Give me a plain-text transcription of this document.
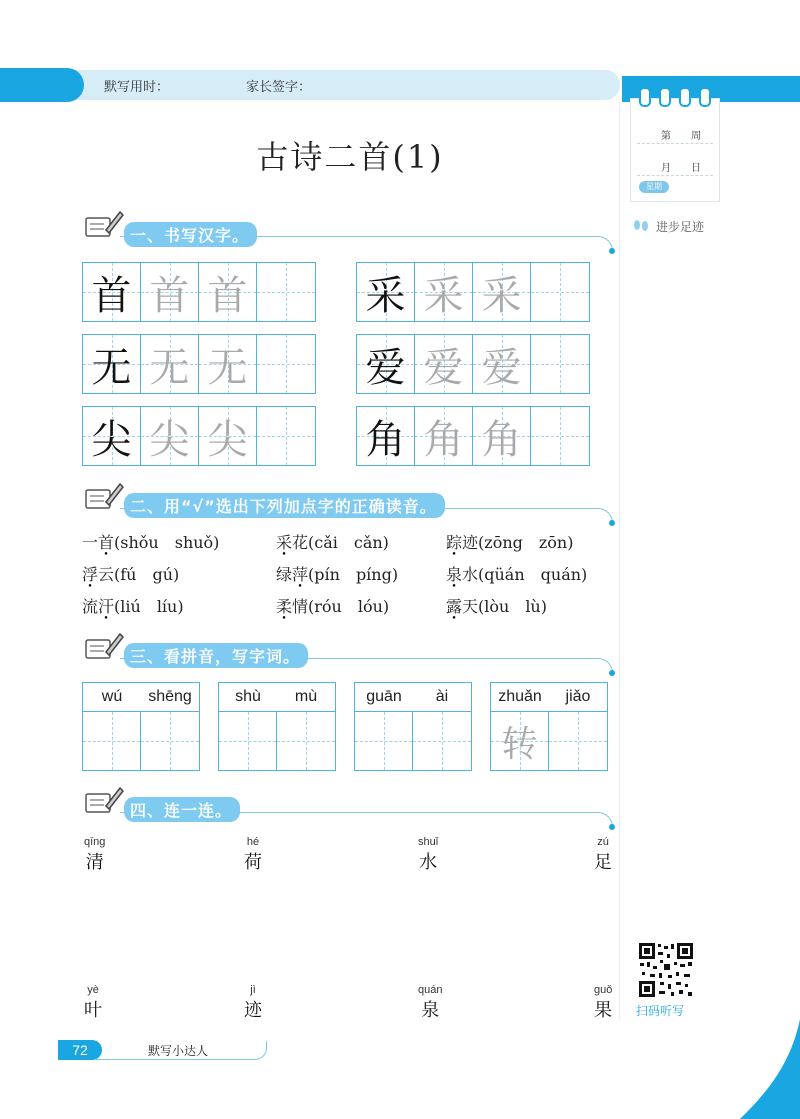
默写用时：	家长签字：
第　　周
月　　日
星期
进步足迹
古诗二首(1)
一、书写汉字。
首 首 首
无 无 无
尖 尖 尖
采 采 采
爱 爱 爱
角 角 角
二、用“√”选出下列加点字的正确读音。
一首(shǒu　shuǒ)	采花(cǎi　cǎn)	踪迹(zōng　zōn)
浮云(fú　gú)	绿萍(pín　píng)	泉水(qüán　quán)
流汗(liú　líu)	柔情(róu　lóu)	露天(lòu　lù)
三、看拼音，写字词。
wú	shēng	shù	mù	guān	ài	zhuǎn	jiǎo
转
四、连一连。
qīng
清
hé
荷
shuǐ
水
zú
足
yè
叶
jì
迹
quán
泉
guǒ
果 扫码听写
72	默写小达人
